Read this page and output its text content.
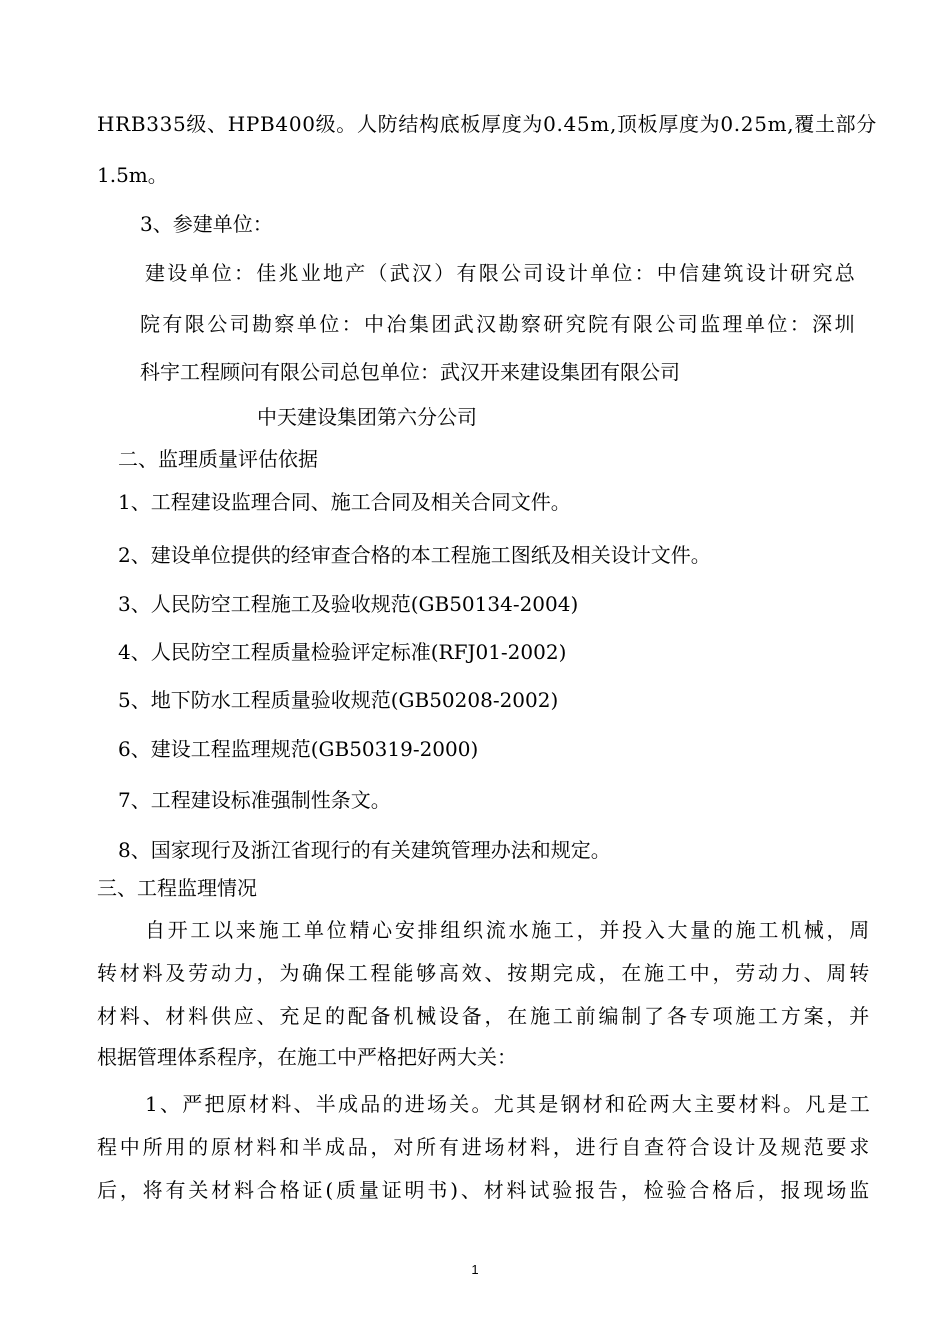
HRB335级、HPB400级。人防结构底板厚度为0.45m,顶板厚度为0.25m,覆土部分
1.5m。
3、参建单位：
建设单位：佳兆业地产（武汉）有限公司设计单位：中信建筑设计研究总
院有限公司勘察单位：中冶集团武汉勘察研究院有限公司监理单位：深圳
科宇工程顾问有限公司总包单位：武汉开来建设集团有限公司
中天建设集团第六分公司
二、监理质量评估依据
1、工程建设监理合同、施工合同及相关合同文件。
2、建设单位提供的经审查合格的本工程施工图纸及相关设计文件。
3、人民防空工程施工及验收规范(GB50134-2004)
4、人民防空工程质量检验评定标准(RFJ01-2002)
5、地下防水工程质量验收规范(GB50208-2002)
6、建设工程监理规范(GB50319-2000)
7、工程建设标准强制性条文。
8、国家现行及浙江省现行的有关建筑管理办法和规定。
三、工程监理情况
自开工以来施工单位精心安排组织流水施工，并投入大量的施工机械，周
转材料及劳动力，为确保工程能够高效、按期完成，在施工中，劳动力、周转
材料、材料供应、充足的配备机械设备，在施工前编制了各专项施工方案，并
根据管理体系程序，在施工中严格把好两大关：
1、严把原材料、半成品的进场关。尤其是钢材和砼两大主要材料。凡是工
程中所用的原材料和半成品，对所有进场材料，进行自查符合设计及规范要求
后，将有关材料合格证(质量证明书)、材料试验报告，检验合格后，报现场监
1
